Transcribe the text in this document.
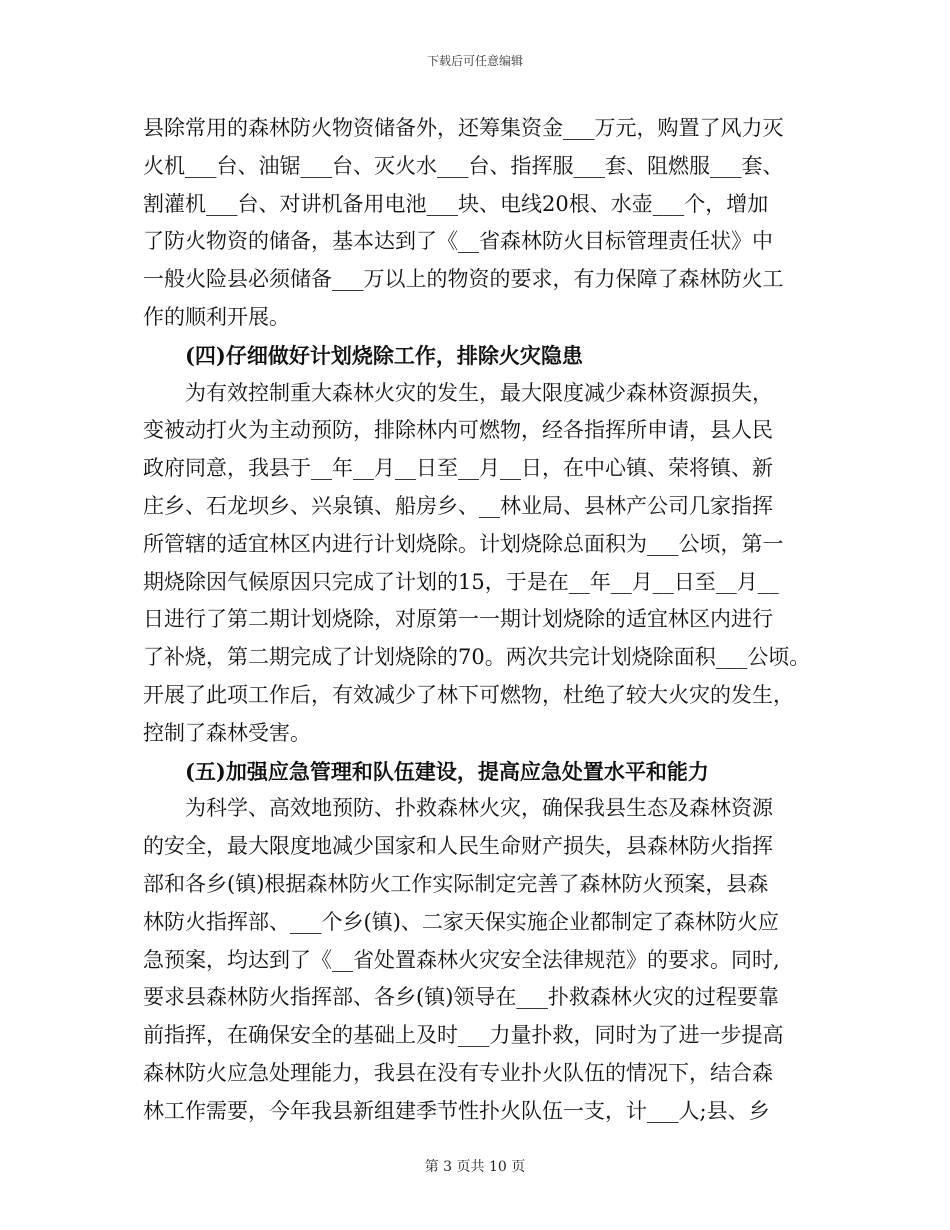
下载后可任意编辑
县除常用的森林防火物资储备外，还筹集资金___万元，购置了风力灭
火机___台、油锯___台、灭火水___台、指挥服___套、阻燃服___套、
割灌机___台、对讲机备用电池___块、电线20根、水壶___个，增加
了防火物资的储备，基本达到了《__省森林防火目标管理责任状》中
一般火险县必须储备___万以上的物资的要求，有力保障了森林防火工
作的顺利开展。
(四)仔细做好计划烧除工作，排除火灾隐患
为有效控制重大森林火灾的发生，最大限度减少森林资源损失，
变被动打火为主动预防，排除林内可燃物，经各指挥所申请，县人民
政府同意，我县于__年__月__日至__月__日，在中心镇、荣将镇、新
庄乡、石龙坝乡、兴泉镇、船房乡、__林业局、县林产公司几家指挥
所管辖的适宜林区内进行计划烧除。计划烧除总面积为___公顷，第一
期烧除因气候原因只完成了计划的15，于是在__年__月__日至__月__
日进行了第二期计划烧除，对原第一一期计划烧除的适宜林区内进行
了补烧，第二期完成了计划烧除的70。两次共完计划烧除面积___公顷。
开展了此项工作后，有效减少了林下可燃物，杜绝了较大火灾的发生，
控制了森林受害。
(五)加强应急管理和队伍建设，提高应急处置水平和能力
为科学、高效地预防、扑救森林火灾，确保我县生态及森林资源
的安全，最大限度地减少国家和人民生命财产损失，县森林防火指挥
部和各乡(镇)根据森林防火工作实际制定完善了森林防火预案，县森
林防火指挥部、___个乡(镇)、二家天保实施企业都制定了森林防火应
急预案，均达到了《__省处置森林火灾安全法律规范》的要求。同时,
要求县森林防火指挥部、各乡(镇)领导在___扑救森林火灾的过程要靠
前指挥，在确保安全的基础上及时___力量扑救，同时为了进一步提高
森林防火应急处理能力，我县在没有专业扑火队伍的情况下，结合森
林工作需要，今年我县新组建季节性扑火队伍一支，计___人;县、乡
第 3 页共 10 页
